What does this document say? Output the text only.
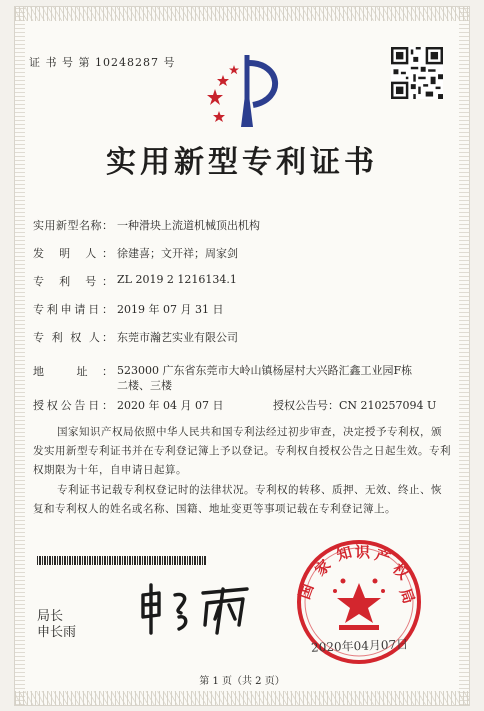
证 书 号 第 10248287 号
实用新型专利证书
实用新型名称： 一种滑块上流道机械顶出机构
发 明 人： 徐建喜；文开祥；周家剑
专 利 号： ZL 2019 2 1216134.1
专利申请日： 2019 年 07 月 31 日
专 利 权 人： 东莞市瀚艺实业有限公司
地 址： 523000 广东省东莞市大岭山镇杨屋村大兴路汇鑫工业园F栋二楼、三楼
授权公告日： 2020 年 04 月 07 日	授权公告号：CN 210257094 U
国家知识产权局依照中华人民共和国专利法经过初步审查，决定授予专利权，颁发实用新型专利证书并在专利登记簿上予以登记。专利权自授权公告之日起生效。专利权期限为十年，自申请日起算。
专利证书记载专利权登记时的法律状况。专利权的转移、质押、无效、终止、恢复和专利权人的姓名或名称、国籍、地址变更等事项记载在专利登记簿上。
局长
申长雨
国
家
知 识 产
权
局
2020年04月07日
第 1 页（共 2 页）
